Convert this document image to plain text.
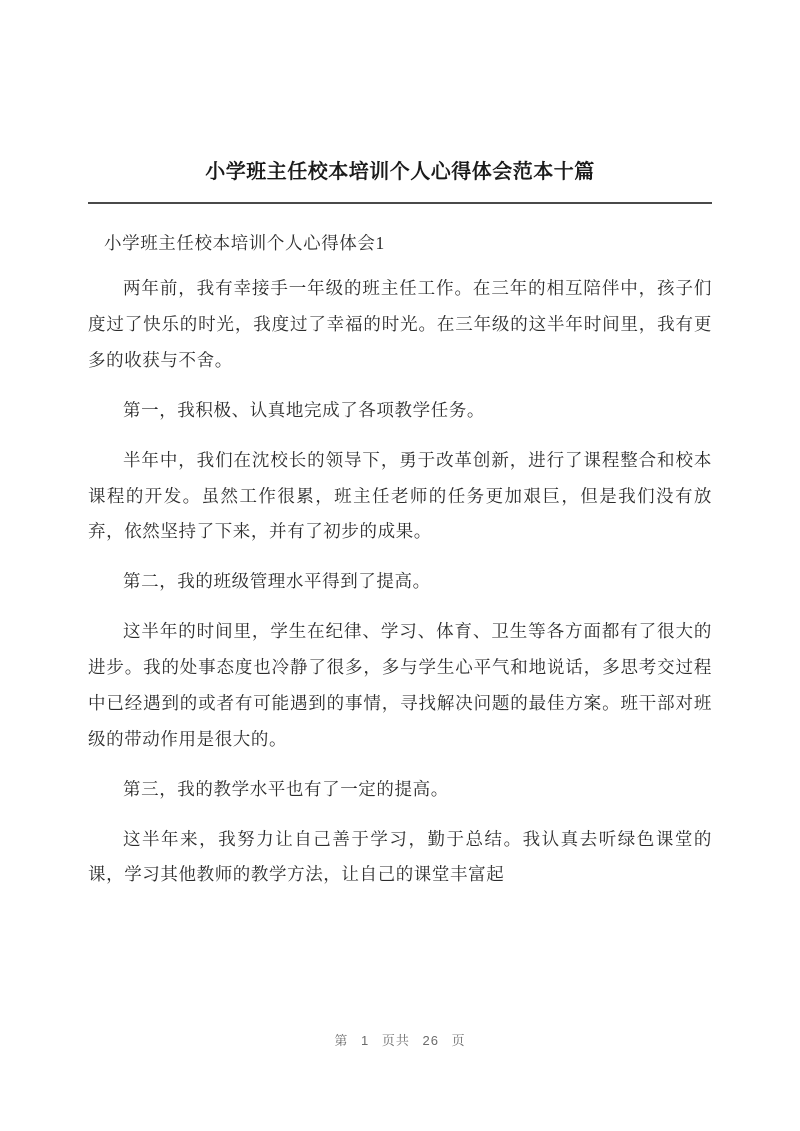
小学班主任校本培训个人心得体会范本十篇
小学班主任校本培训个人心得体会1

两年前，我有幸接手一年级的班主任工作。在三年的相互陪伴中，孩子们度过了快乐的时光，我度过了幸福的时光。在三年级的这半年时间里，我有更多的收获与不舍。

第一，我积极、认真地完成了各项教学任务。

半年中，我们在沈校长的领导下，勇于改革创新，进行了课程整合和校本课程的开发。虽然工作很累，班主任老师的任务更加艰巨，但是我们没有放弃，依然坚持了下来，并有了初步的成果。

第二，我的班级管理水平得到了提高。

这半年的时间里，学生在纪律、学习、体育、卫生等各方面都有了很大的进步。我的处事态度也冷静了很多，多与学生心平气和地说话，多思考交过程中已经遇到的或者有可能遇到的事情，寻找解决问题的最佳方案。班干部对班级的带动作用是很大的。

第三，我的教学水平也有了一定的提高。

这半年来，我努力让自己善于学习，勤于总结。我认真去听绿色课堂的课，学习其他教师的教学方法，让自己的课堂丰富起

第 1 页共 26 页
